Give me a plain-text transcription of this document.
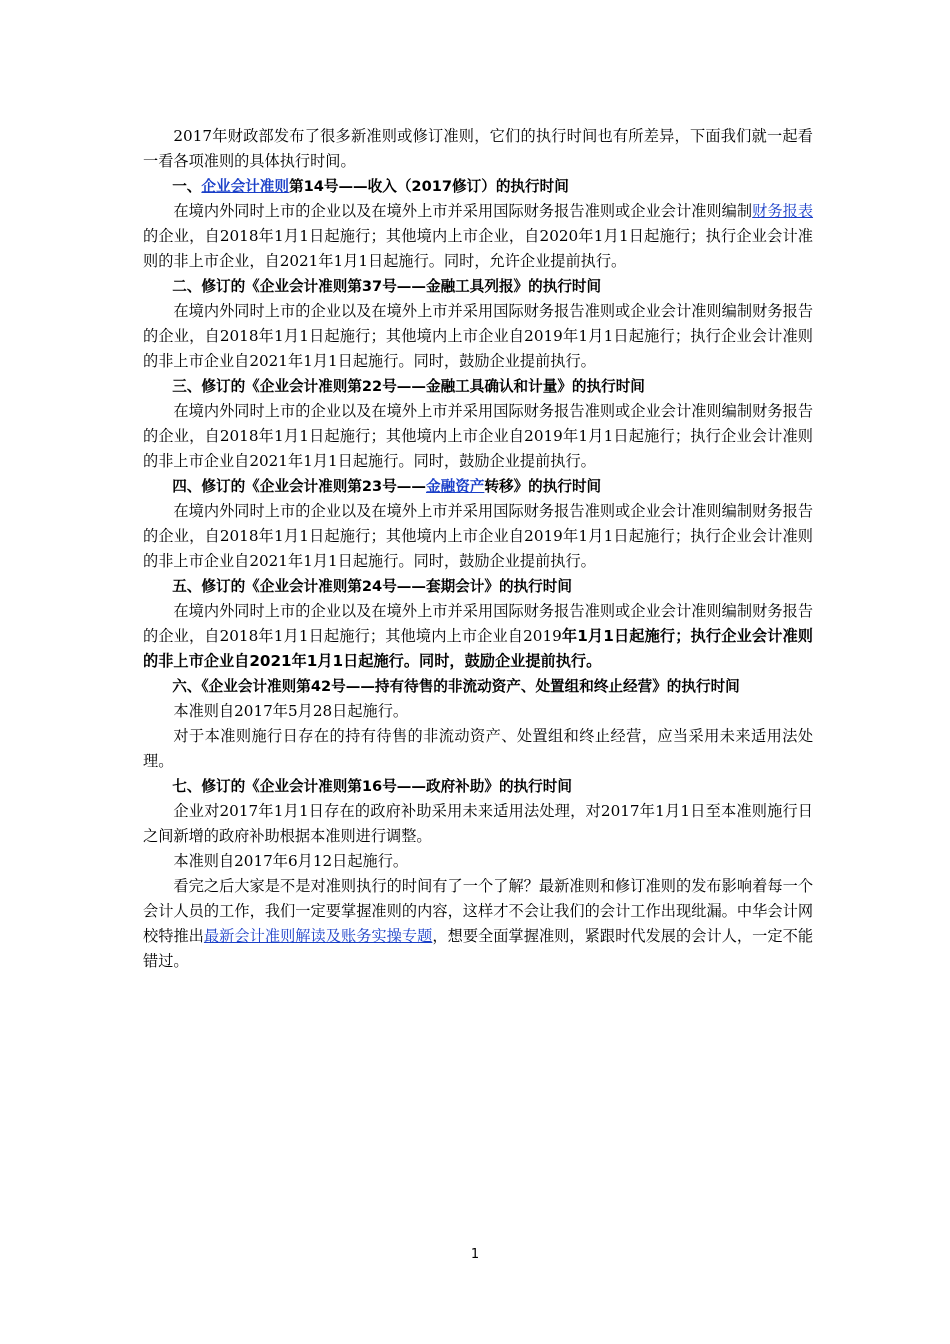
2017年财政部发布了很多新准则或修订准则，它们的执行时间也有所差异，下面我们就一起看一看各项准则的具体执行时间。

一、企业会计准则第14号——收入（2017修订）的执行时间

在境内外同时上市的企业以及在境外上市并采用国际财务报告准则或企业会计准则编制财务报表的企业，自2018年1月1日起施行；其他境内上市企业，自2020年1月1日起施行；执行企业会计准则的非上市企业，自2021年1月1日起施行。同时，允许企业提前执行。

二、修订的《企业会计准则第37号——金融工具列报》的执行时间

在境内外同时上市的企业以及在境外上市并采用国际财务报告准则或企业会计准则编制财务报告的企业，自2018年1月1日起施行；其他境内上市企业自2019年1月1日起施行；执行企业会计准则的非上市企业自2021年1月1日起施行。同时，鼓励企业提前执行。

三、修订的《企业会计准则第22号——金融工具确认和计量》的执行时间

在境内外同时上市的企业以及在境外上市并采用国际财务报告准则或企业会计准则编制财务报告的企业，自2018年1月1日起施行；其他境内上市企业自2019年1月1日起施行；执行企业会计准则的非上市企业自2021年1月1日起施行。同时，鼓励企业提前执行。

四、修订的《企业会计准则第23号——金融资产转移》的执行时间

在境内外同时上市的企业以及在境外上市并采用国际财务报告准则或企业会计准则编制财务报告的企业，自2018年1月1日起施行；其他境内上市企业自2019年1月1日起施行；执行企业会计准则的非上市企业自2021年1月1日起施行。同时，鼓励企业提前执行。

五、修订的《企业会计准则第24号——套期会计》的执行时间

在境内外同时上市的企业以及在境外上市并采用国际财务报告准则或企业会计准则编制财务报告的企业，自2018年1月1日起施行；其他境内上市企业自2019年1月1日起施行；执行企业会计准则的非上市企业自2021年1月1日起施行。同时，鼓励企业提前执行。

六、《企业会计准则第42号——持有待售的非流动资产、处置组和终止经营》的执行时间

本准则自2017年5月28日起施行。

对于本准则施行日存在的持有待售的非流动资产、处置组和终止经营，应当采用未来适用法处理。

七、修订的《企业会计准则第16号——政府补助》的执行时间

企业对2017年1月1日存在的政府补助采用未来适用法处理，对2017年1月1日至本准则施行日之间新增的政府补助根据本准则进行调整。

本准则自2017年6月12日起施行。

看完之后大家是不是对准则执行的时间有了一个了解？最新准则和修订准则的发布影响着每一个会计人员的工作，我们一定要掌握准则的内容，这样才不会让我们的会计工作出现纰漏。中华会计网校特推出最新会计准则解读及账务实操专题，想要全面掌握准则，紧跟时代发展的会计人，一定不能错过。

1
